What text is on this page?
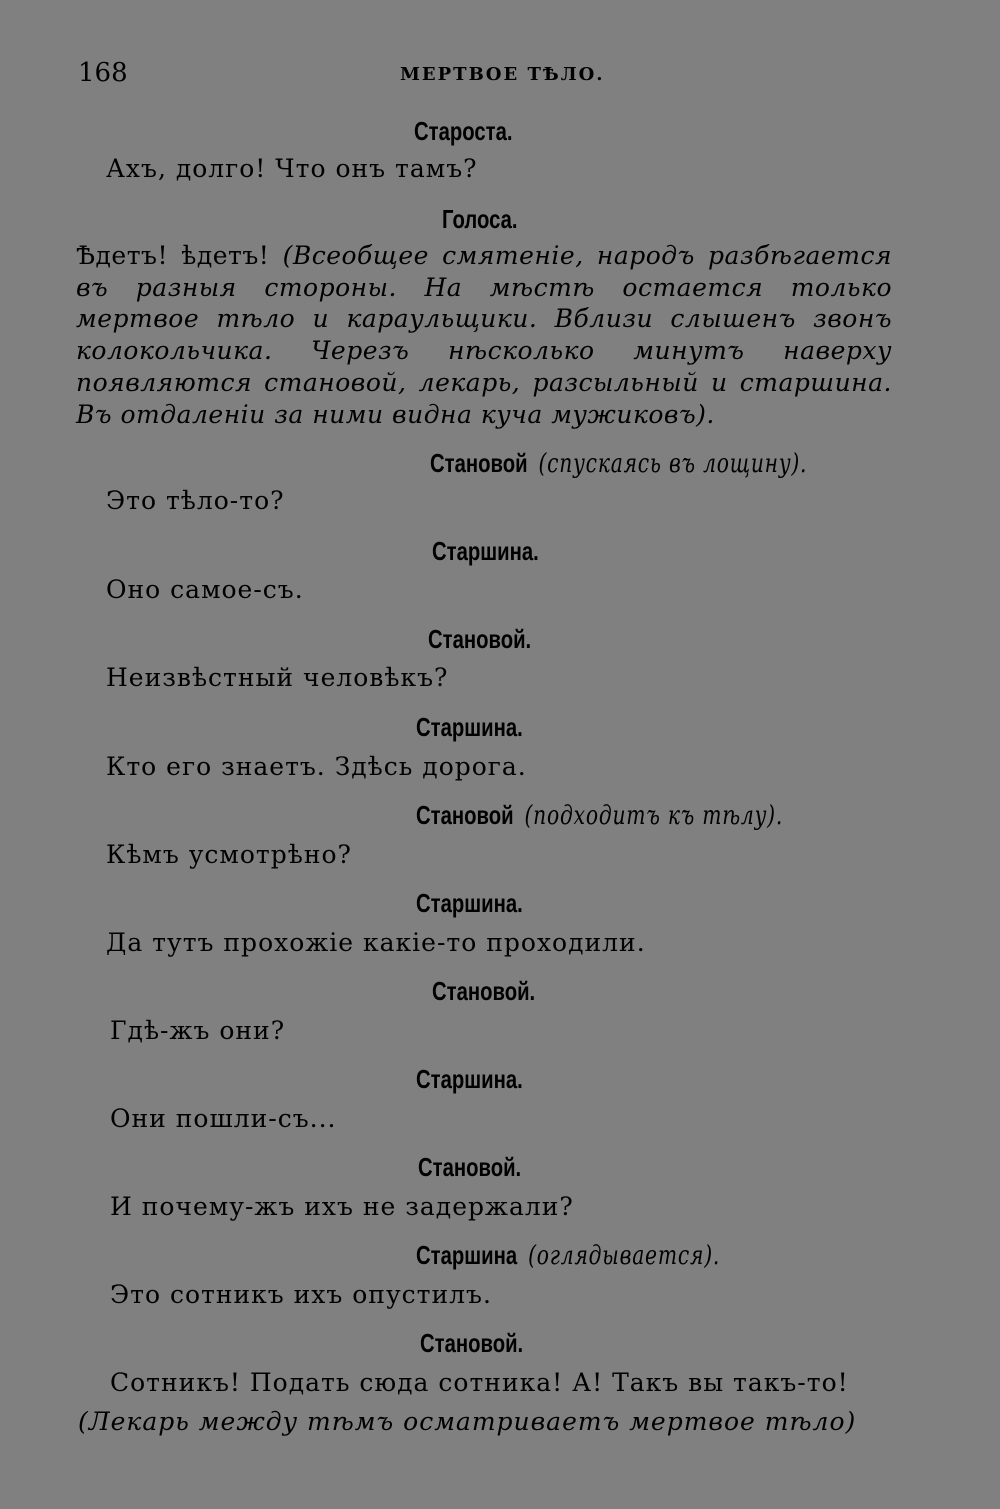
168	МЕРТВОЕ ТѢЛО.
Староста.
Ахъ, долго! Что онъ тамъ?
Голоса.
Ѣдетъ! ѣдетъ! (Всеобщее смятеніе, народъ разбѣгается въ разныя стороны. На мѣстѣ остается только мертвое тѣло и караульщики. Вблизи слышенъ звонъ колокольчика. Черезъ нѣсколько минутъ наверху появляются становой, лекарь, разсыльный и старшина. Въ отдаленіи за ними видна куча мужиковъ).
Становой (спускаясь въ лощину).
Это тѣло-то?
Старшина.
Оно самое-съ.
Становой.
Неизвѣстный человѣкъ?
Старшина.
Кто его знаетъ. Здѣсь дорога.
Становой (подходитъ къ тѣлу).
Кѣмъ усмотрѣно?
Старшина.
Да тутъ прохожіе какіе-то проходили.
Становой.
Гдѣ-жъ они?
Старшина.
Они пошли-съ...
Становой.
И почему-жъ ихъ не задержали?
Старшина (оглядывается).
Это сотникъ ихъ опустилъ.
Становой.
Сотникъ! Подать сюда сотника! А! Такъ вы такъ-то!
(Лекарь между тѣмъ осматриваетъ мертвое тѣло)
